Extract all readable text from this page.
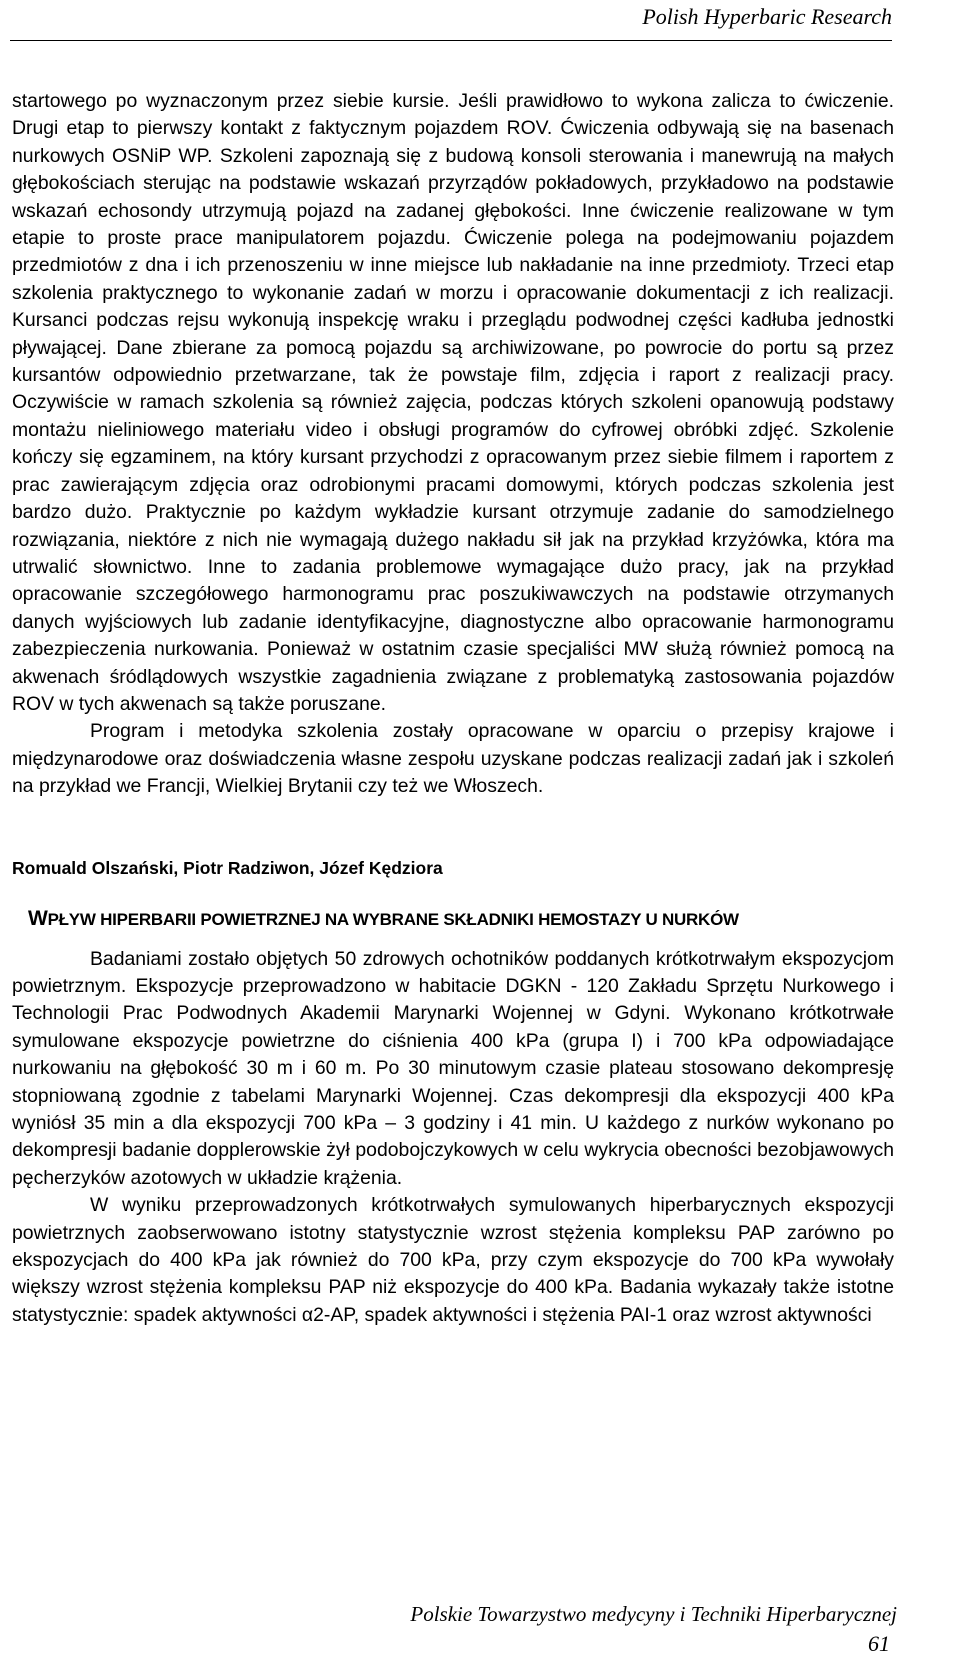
Polish Hyperbaric Research

startowego po wyznaczonym przez siebie kursie. Jeśli prawidłowo to wykona zalicza to ćwiczenie. Drugi etap to pierwszy kontakt z faktycznym pojazdem ROV. Ćwiczenia odbywają się na basenach nurkowych OSNiP WP. Szkoleni zapoznają się z budową konsoli sterowania i manewrują na małych głębokościach sterując na podstawie wskazań przyrządów pokładowych, przykładowo na podstawie wskazań echosondy utrzymują pojazd na zadanej głębokości. Inne ćwiczenie realizowane w tym etapie to proste prace manipulatorem pojazdu. Ćwiczenie polega na podejmowaniu pojazdem przedmiotów z dna i ich przenoszeniu w inne miejsce lub nakładanie na inne przedmioty. Trzeci etap szkolenia praktycznego to wykonanie zadań w morzu i opracowanie dokumentacji z ich realizacji. Kursanci podczas rejsu wykonują inspekcję wraku i przeglądu podwodnej części kadłuba jednostki pływającej. Dane zbierane za pomocą pojazdu są archiwizowane, po powrocie do portu są przez kursantów odpowiednio przetwarzane, tak że powstaje film, zdjęcia i raport z realizacji pracy. Oczywiście w ramach szkolenia są również zajęcia, podczas których szkoleni opanowują podstawy montażu nieliniowego materiału video i obsługi programów do cyfrowej obróbki zdjęć. Szkolenie kończy się egzaminem, na który kursant przychodzi z opracowanym przez siebie filmem i raportem z prac zawierającym zdjęcia oraz odrobionymi pracami domowymi, których podczas szkolenia jest bardzo dużo. Praktycznie po każdym wykładzie kursant otrzymuje zadanie do samodzielnego rozwiązania, niektóre z nich nie wymagają dużego nakładu sił jak na przykład krzyżówka, która ma utrwalić słownictwo. Inne to zadania problemowe wymagające dużo pracy, jak na przykład opracowanie szczegółowego harmonogramu prac poszukiwawczych na podstawie otrzymanych danych wyjściowych lub zadanie identyfikacyjne, diagnostyczne albo opracowanie harmonogramu zabezpieczenia nurkowania. Ponieważ w ostatnim czasie specjaliści MW służą również pomocą na akwenach śródlądowych wszystkie zagadnienia związane z problematyką zastosowania pojazdów ROV w tych akwenach są także poruszane.

Program i metodyka szkolenia zostały opracowane w oparciu o przepisy krajowe i międzynarodowe oraz doświadczenia własne zespołu uzyskane podczas realizacji zadań jak i szkoleń na przykład we Francji, Wielkiej Brytanii czy też we Włoszech.

Romuald Olszański, Piotr Radziwon, Józef Kędziora

WPŁYW HIPERBARII POWIETRZNEJ NA WYBRANE SKŁADNIKI HEMOSTAZY U NURKÓW

Badaniami zostało objętych 50 zdrowych ochotników poddanych krótkotrwałym ekspozycjom powietrznym. Ekspozycje przeprowadzono w habitacie DGKN - 120 Zakładu Sprzętu Nurkowego i Technologii Prac Podwodnych Akademii Marynarki Wojennej w Gdyni. Wykonano krótkotrwałe symulowane ekspozycje powietrzne do ciśnienia 400 kPa (grupa I) i 700 kPa odpowiadające nurkowaniu na głębokość 30 m i 60 m. Po 30 minutowym czasie plateau stosowano dekompresję stopniowaną zgodnie z tabelami Marynarki Wojennej. Czas dekompresji dla ekspozycji 400 kPa wyniósł 35 min a dla ekspozycji 700 kPa – 3 godziny i 41 min. U każdego z nurków wykonano po dekompresji badanie dopplerowskie żył podobojczykowych w celu wykrycia obecności bezobjawowych pęcherzyków azotowych w układzie krążenia.

W wyniku przeprowadzonych krótkotrwałych symulowanych hiperbarycznych ekspozycji powietrznych zaobserwowano istotny statystycznie wzrost stężenia kompleksu PAP zarówno po ekspozycjach do 400 kPa jak również do 700 kPa, przy czym ekspozycje do 700 kPa wywołały większy wzrost stężenia kompleksu PAP niż ekspozycje do 400 kPa. Badania wykazały także istotne statystycznie: spadek aktywności α2-AP, spadek aktywności i stężenia PAI-1 oraz wzrost aktywności

Polskie Towarzystwo medycyny i Techniki Hiperbarycznej
61
